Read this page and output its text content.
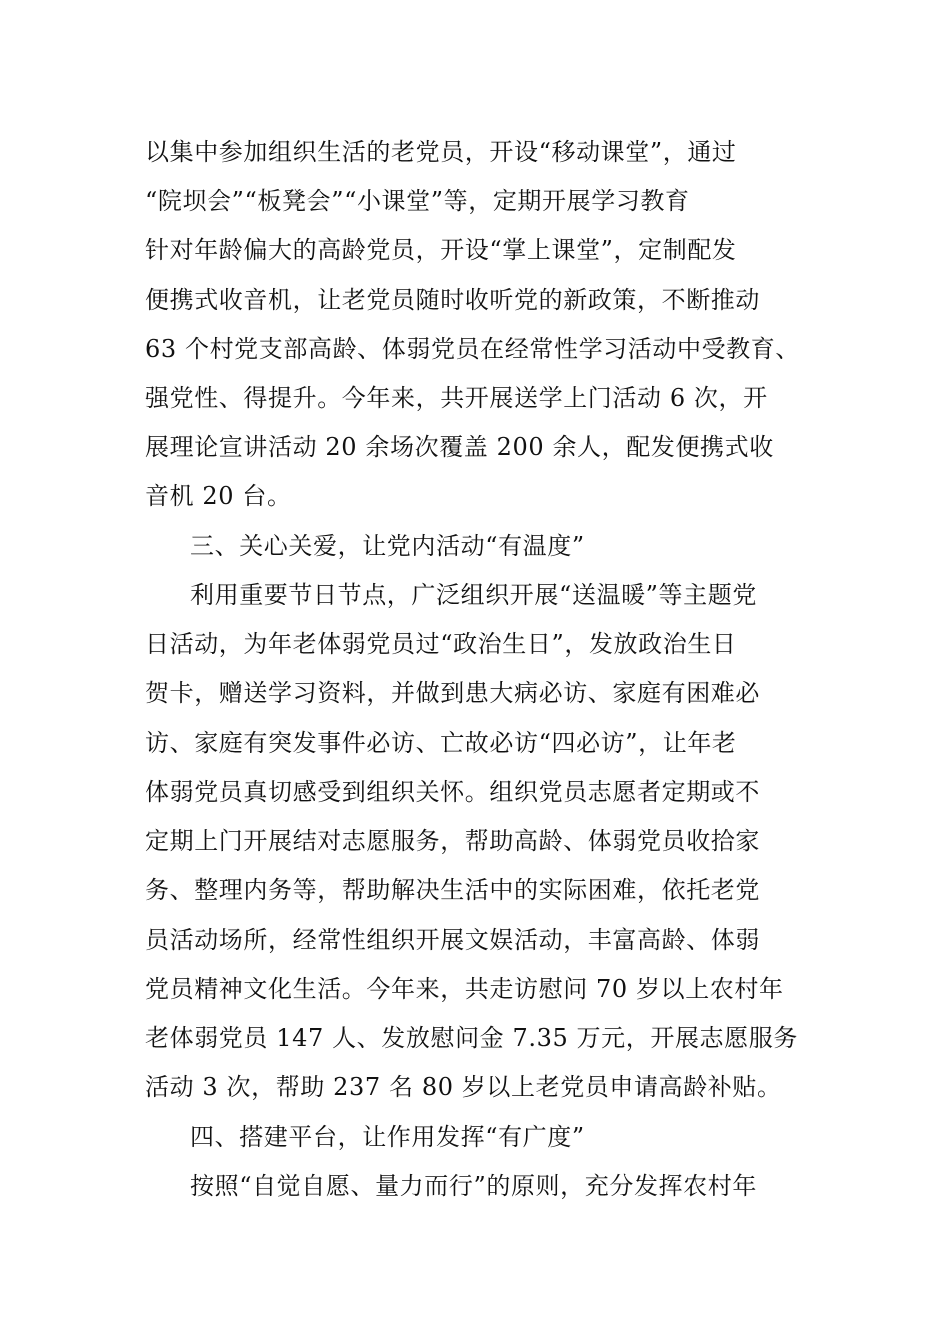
以集中参加组织生活的老党员，开设“移动课堂”，通过

“院坝会”“板凳会”“小课堂”等，定期开展学习教育

针对年龄偏大的高龄党员，开设“掌上课堂”，定制配发

便携式收音机，让老党员随时收听党的新政策，不断推动

63 个村党支部高龄、体弱党员在经常性学习活动中受教育、

强党性、得提升。今年来，共开展送学上门活动 6 次，开

展理论宣讲活动 20 余场次覆盖 200 余人，配发便携式收

音机 20 台。

三、关心关爱，让党内活动“有温度”

利用重要节日节点，广泛组织开展“送温暖”等主题党

日活动，为年老体弱党员过“政治生日”，发放政治生日

贺卡，赠送学习资料，并做到患大病必访、家庭有困难必

访、家庭有突发事件必访、亡故必访“四必访”，让年老

体弱党员真切感受到组织关怀。组织党员志愿者定期或不

定期上门开展结对志愿服务，帮助高龄、体弱党员收拾家

务、整理内务等，帮助解决生活中的实际困难，依托老党

员活动场所，经常性组织开展文娱活动，丰富高龄、体弱

党员精神文化生活。今年来，共走访慰问 70 岁以上农村年

老体弱党员 147 人、发放慰问金 7.35 万元，开展志愿服务

活动 3 次，帮助 237 名 80 岁以上老党员申请高龄补贴。

四、搭建平台，让作用发挥“有广度”

按照“自觉自愿、量力而行”的原则，充分发挥农村年
